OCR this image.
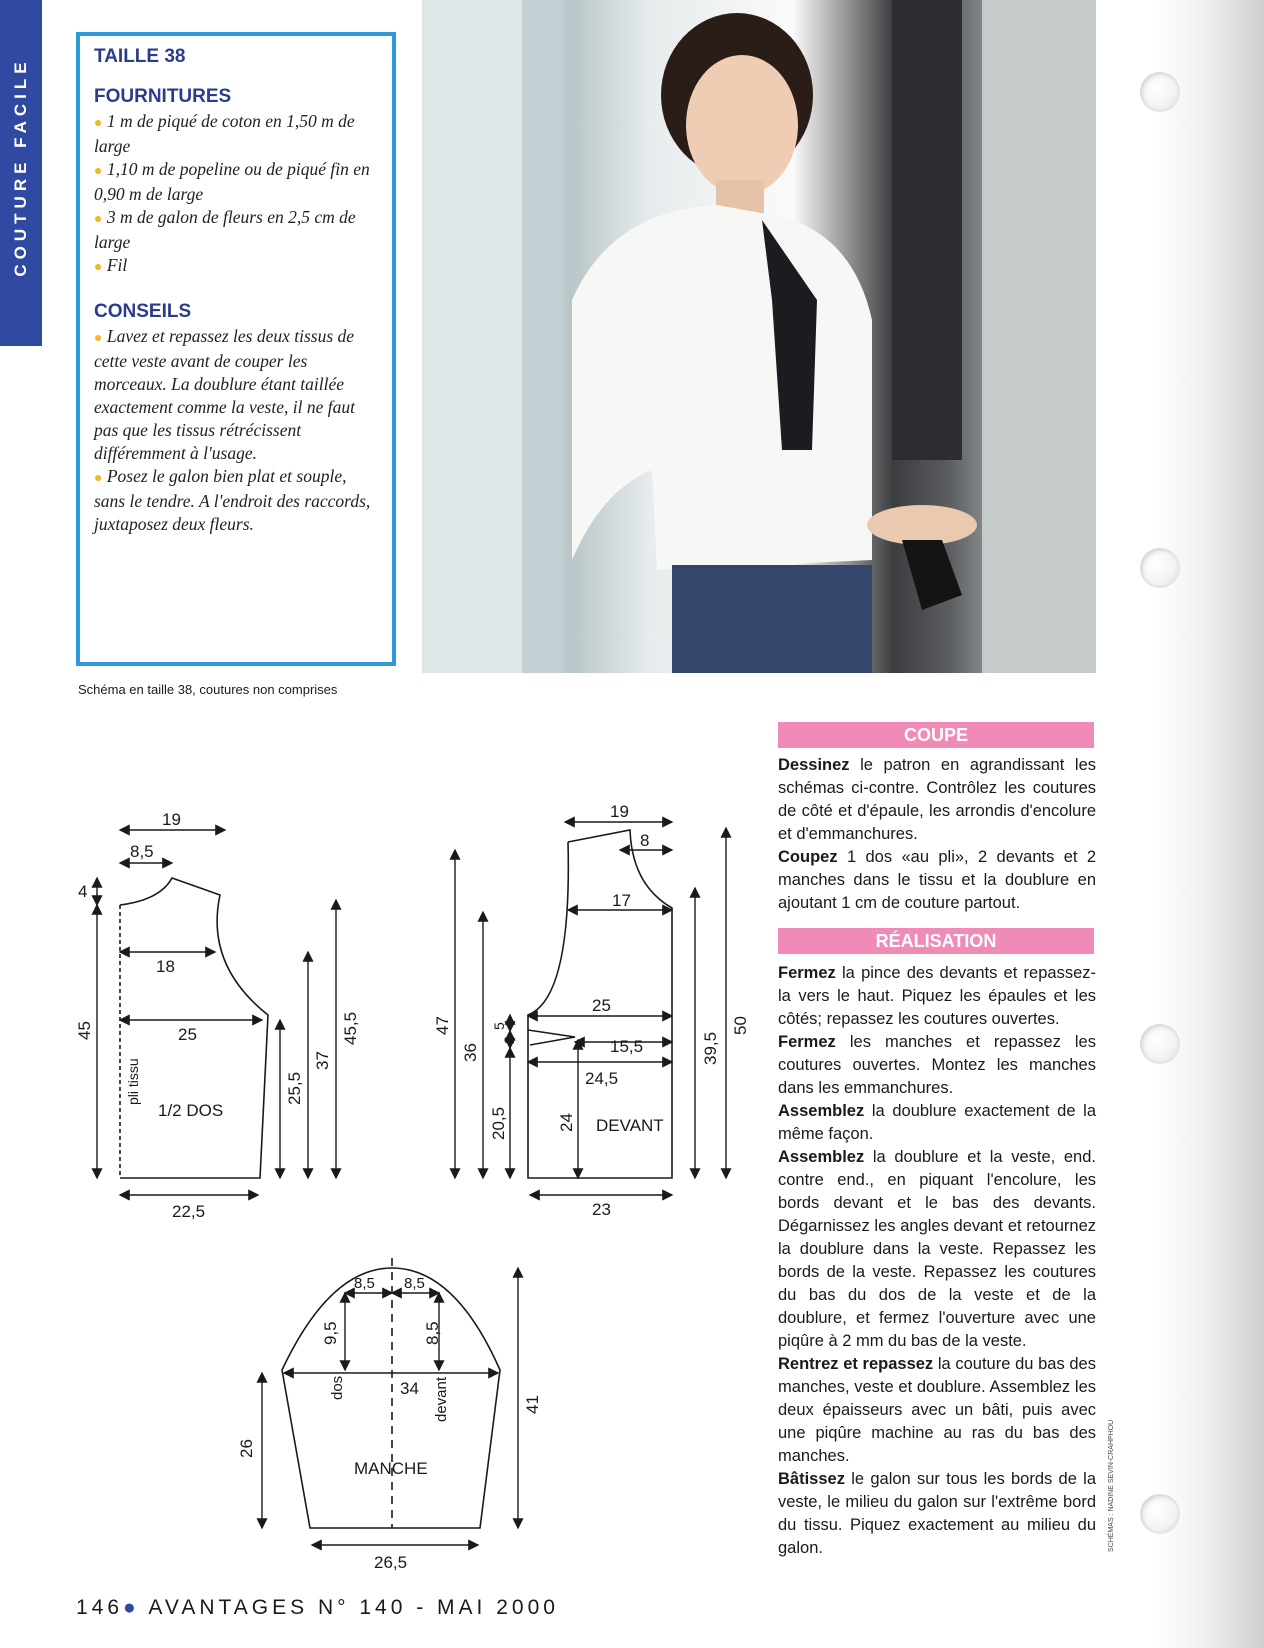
COUTURE FACILE
TAILLE 38
FOURNITURES
● 1 m de piqué de coton en 1,50 m de large
● 1,10 m de popeline ou de piqué fin en 0,90 m de large
● 3 m de galon de fleurs en 2,5 cm de large
● Fil
CONSEILS
● Lavez et repassez les deux tissus de cette veste avant de couper les morceaux. La doublure étant taillée exactement comme la veste, il ne faut pas que les tissus rétrécissent différemment à l'usage.
● Posez le galon bien plat et souple, sans le tendre. A l'endroit des raccords, juxtaposez deux fleurs.
Schéma en taille 38, coutures non comprises
19
8,5
4
18
25
45
37
45,5
25,5
22,5
1/2 DOS
pli tissu
19
8
17
25
15,5
24,5
47
36	39,5
50
5
2
20,5	24
23
DEVANT
8,5 8,5
9,5	8,5
34
41
26
26,5
dos	devant
MANCHE
COUPE

Dessinez le patron en agrandissant les schémas ci-contre. Contrôlez les coutures de côté et d'épaule, les arrondis d'encolure et d'emmanchures.

Coupez 1 dos «au pli», 2 devants et 2 manches dans le tissu et la doublure en ajoutant 1 cm de couture partout.

RÉALISATION

Fermez la pince des devants et repassez-la vers le haut. Piquez les épaules et les côtés; repassez les coutures ouvertes.

Fermez les manches et repassez les coutures ouvertes. Montez les manches dans les emmanchures.

Assemblez la doublure exactement de la même façon.

Assemblez la doublure et la veste, end. contre end., en piquant l'encolure, les bords devant et le bas des devants. Dégarnissez les angles devant et retournez la doublure dans la veste. Repassez les bords de la veste. Repassez les coutures du bas du dos de la veste et de la doublure, et fermez l'ouverture avec une piqûre à 2 mm du bas de la veste.

Rentrez et repassez la couture du bas des manches, veste et doublure. Assemblez les deux épaisseurs avec un bâti, puis avec une piqûre machine au ras du bas des manches.

Bâtissez le galon sur tous les bords de la veste, le milieu du galon sur l'extrême bord du tissu. Piquez exactement au milieu du galon.	SCHÉMAS : NADINE SEVIN-CRAHPHOU
146● AVANTAGES N° 140 - MAI 2000
